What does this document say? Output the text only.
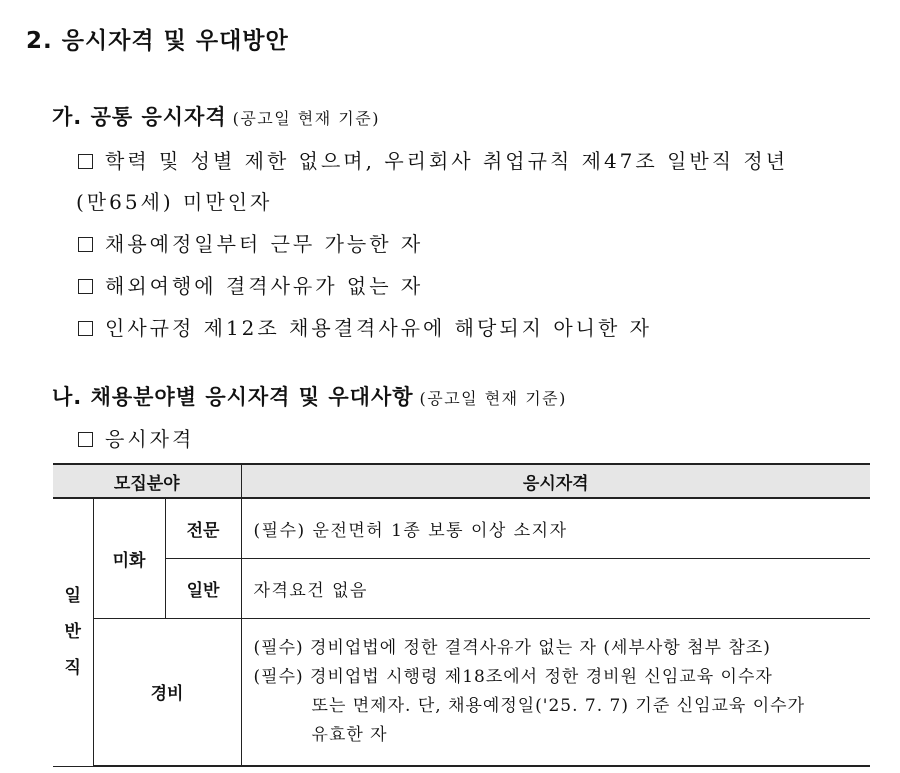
2. 응시자격 및 우대방안
가. 공통 응시자격 (공고일 현재 기준)
학력 및 성별 제한 없으며, 우리회사 취업규칙 제47조 일반직 정년
(만65세) 미만인자
채용예정일부터 근무 가능한 자
해외여행에 결격사유가 없는 자
인사규정 제12조 채용결격사유에 해당되지 아니한 자
나. 채용분야별 응시자격 및 우대사항 (공고일 현재 기준)
응시자격
모집분야			응시자격
일반직	미화	전문	(필수) 운전면허 1종 보통 이상 소지자
		일반	자격요건 없음
	경비		(필수) 경비업법에 정한 결격사유가 없는 자 (세부사항 첨부 참조)
(필수) 경비업법 시행령 제18조에서 정한 경비원 신임교육 이수자
또는 면제자. 단, 채용예정일('25. 7. 7) 기준 신임교육 이수가
유효한 자
